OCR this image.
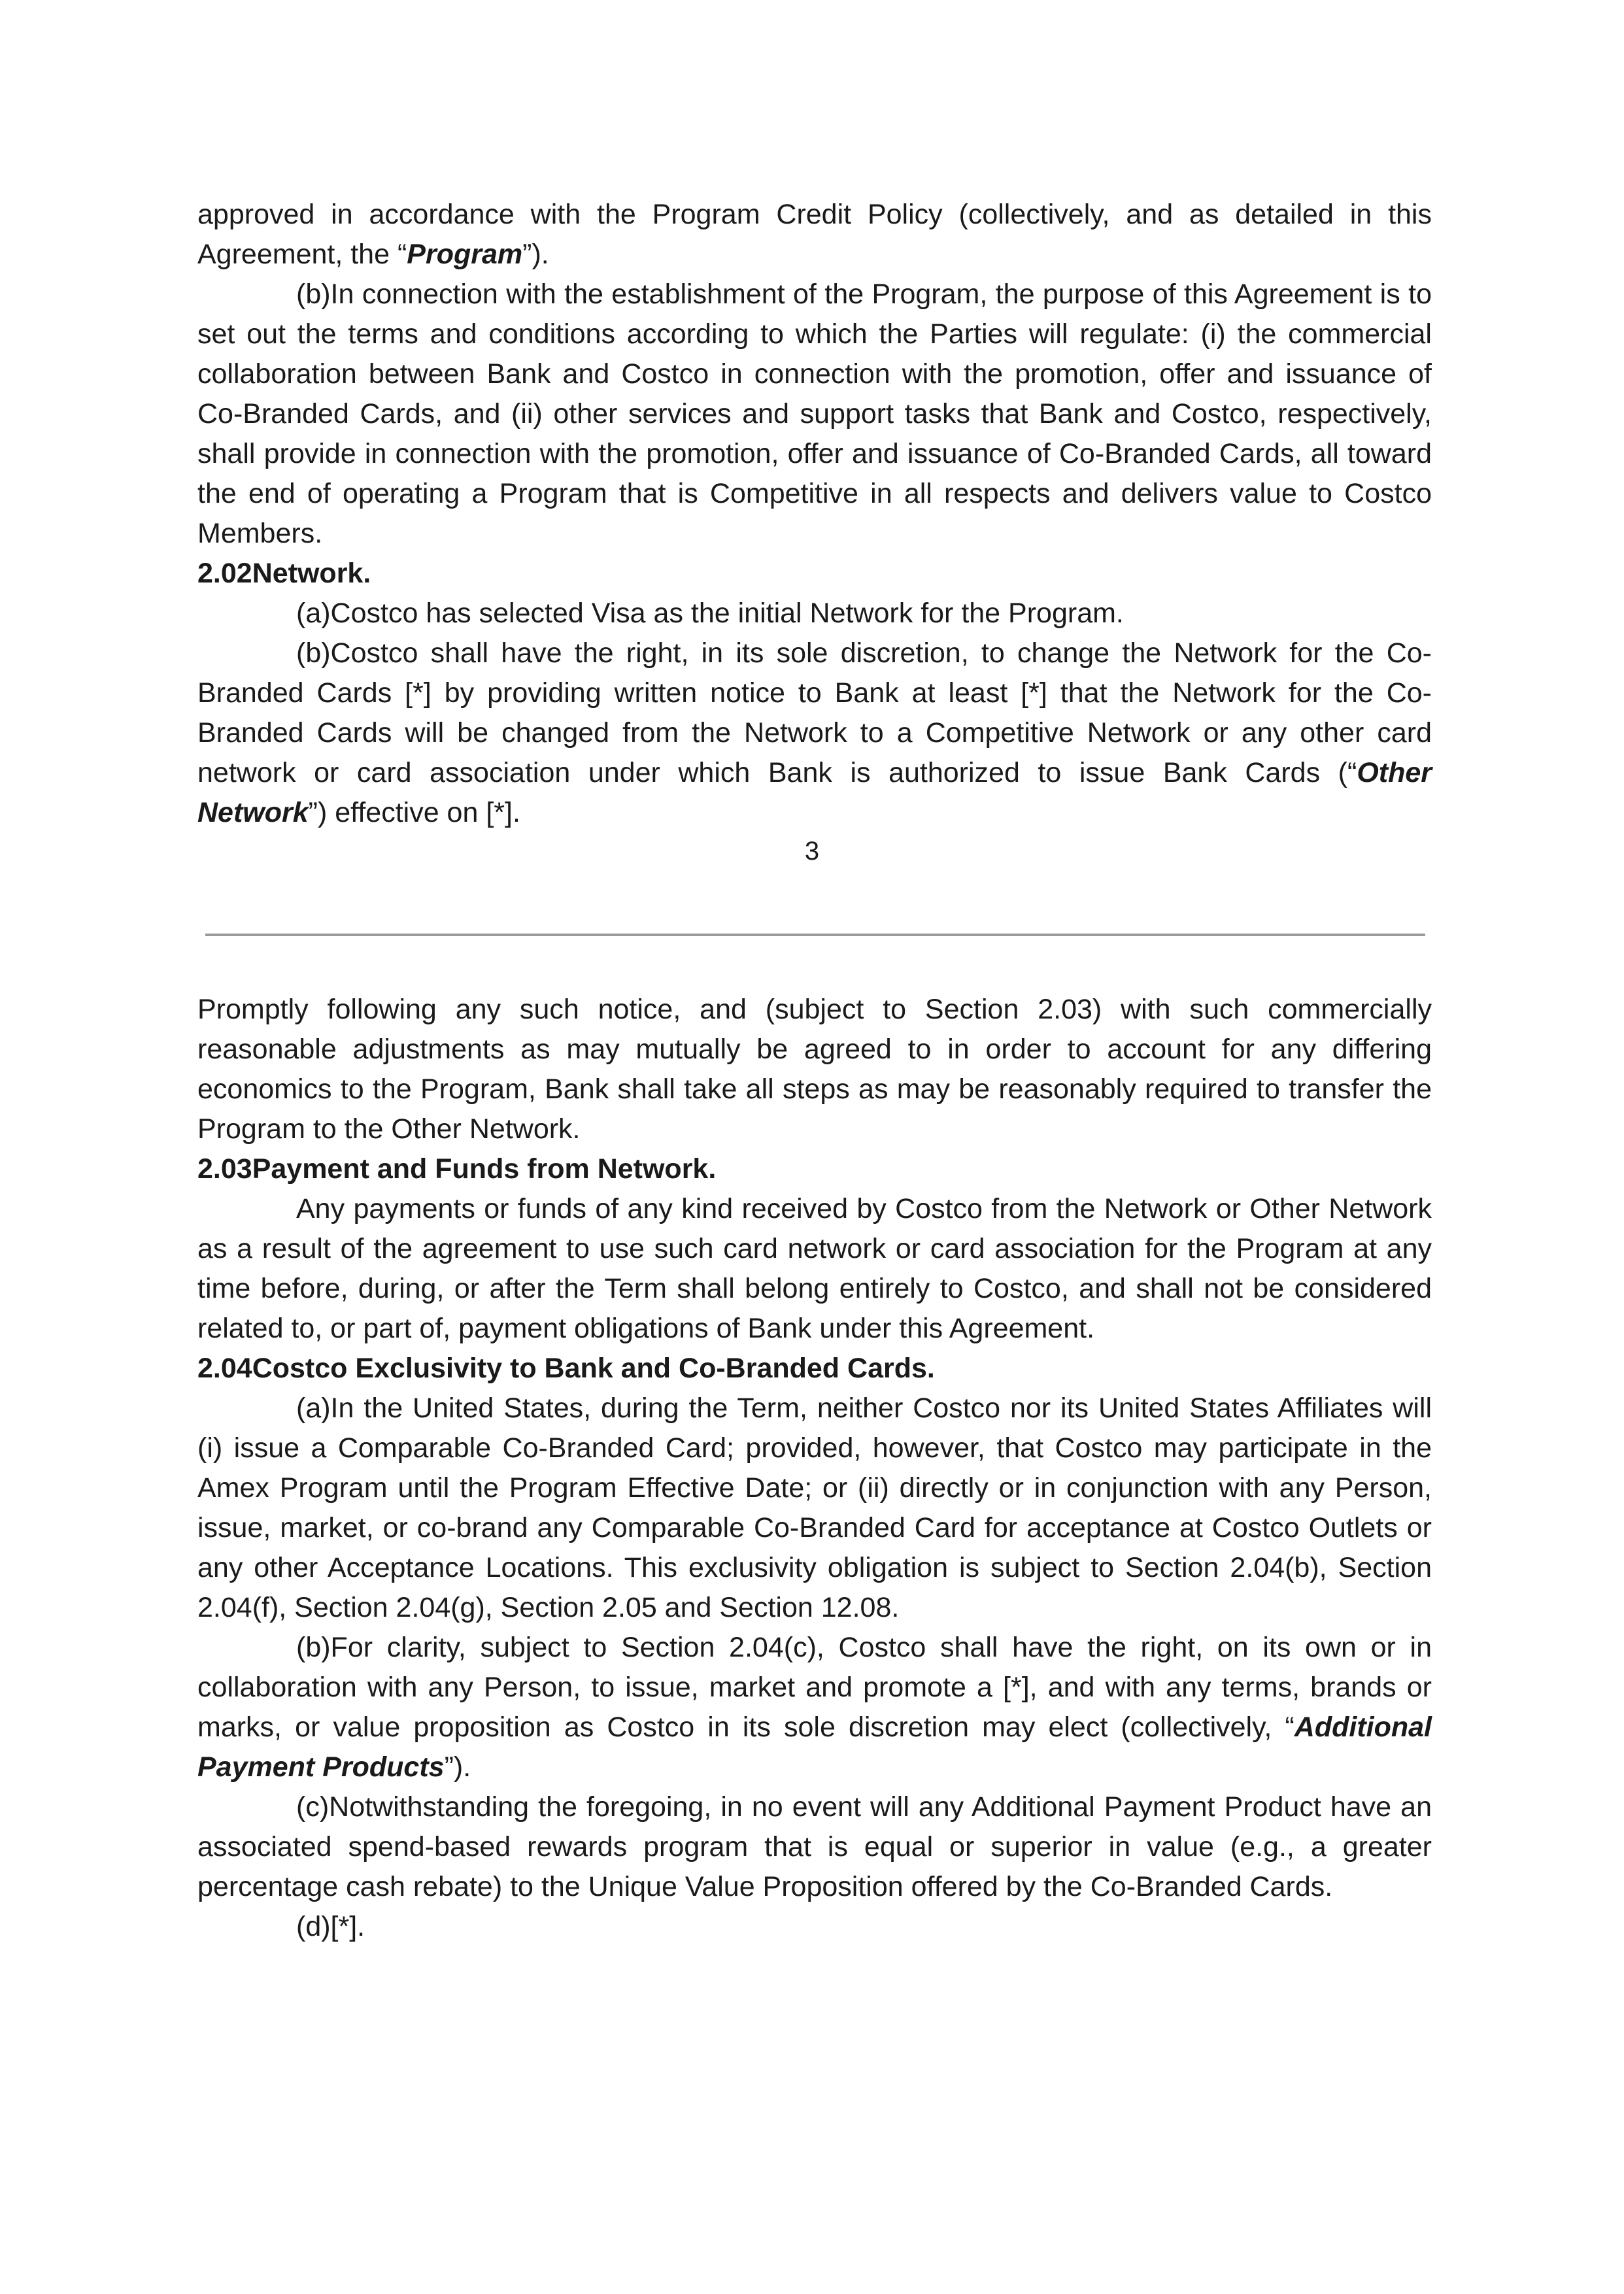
approved in accordance with the Program Credit Policy (collectively, and as detailed in this Agreement, the “Program”).

(b)In connection with the establishment of the Program, the purpose of this Agreement is to set out the terms and conditions according to which the Parties will regulate: (i) the commercial collaboration between Bank and Costco in connection with the promotion, offer and issuance of Co-Branded Cards, and (ii) other services and support tasks that Bank and Costco, respectively, shall provide in connection with the promotion, offer and issuance of Co-Branded Cards, all toward the end of operating a Program that is Competitive in all respects and delivers value to Costco Members.

2.02Network.

(a)Costco has selected Visa as the initial Network for the Program.

(b)Costco shall have the right, in its sole discretion, to change the Network for the Co-Branded Cards [*] by providing written notice to Bank at least [*] that the Network for the Co-Branded Cards will be changed from the Network to a Competitive Network or any other card network or card association under which Bank is authorized to issue Bank Cards (“Other Network”) effective on [*].

3

Promptly following any such notice, and (subject to Section 2.03) with such commercially reasonable adjustments as may mutually be agreed to in order to account for any differing economics to the Program, Bank shall take all steps as may be reasonably required to transfer the Program to the Other Network.

2.03Payment and Funds from Network.

Any payments or funds of any kind received by Costco from the Network or Other Network as a result of the agreement to use such card network or card association for the Program at any time before, during, or after the Term shall belong entirely to Costco, and shall not be considered related to, or part of, payment obligations of Bank under this Agreement.

2.04Costco Exclusivity to Bank and Co-Branded Cards.

(a)In the United States, during the Term, neither Costco nor its United States Affiliates will (i) issue a Comparable Co-Branded Card; provided, however, that Costco may participate in the Amex Program until the Program Effective Date; or (ii) directly or in conjunction with any Person, issue, market, or co-brand any Comparable Co-Branded Card for acceptance at Costco Outlets or any other Acceptance Locations. This exclusivity obligation is subject to Section 2.04(b), Section 2.04(f), Section 2.04(g), Section 2.05 and Section 12.08.

(b)For clarity, subject to Section 2.04(c), Costco shall have the right, on its own or in collaboration with any Person, to issue, market and promote a [*], and with any terms, brands or marks, or value proposition as Costco in its sole discretion may elect (collectively, “Additional Payment Products”).

(c)Notwithstanding the foregoing, in no event will any Additional Payment Product have an associated spend-based rewards program that is equal or superior in value (e.g., a greater percentage cash rebate) to the Unique Value Proposition offered by the Co-Branded Cards.

(d)[*].
